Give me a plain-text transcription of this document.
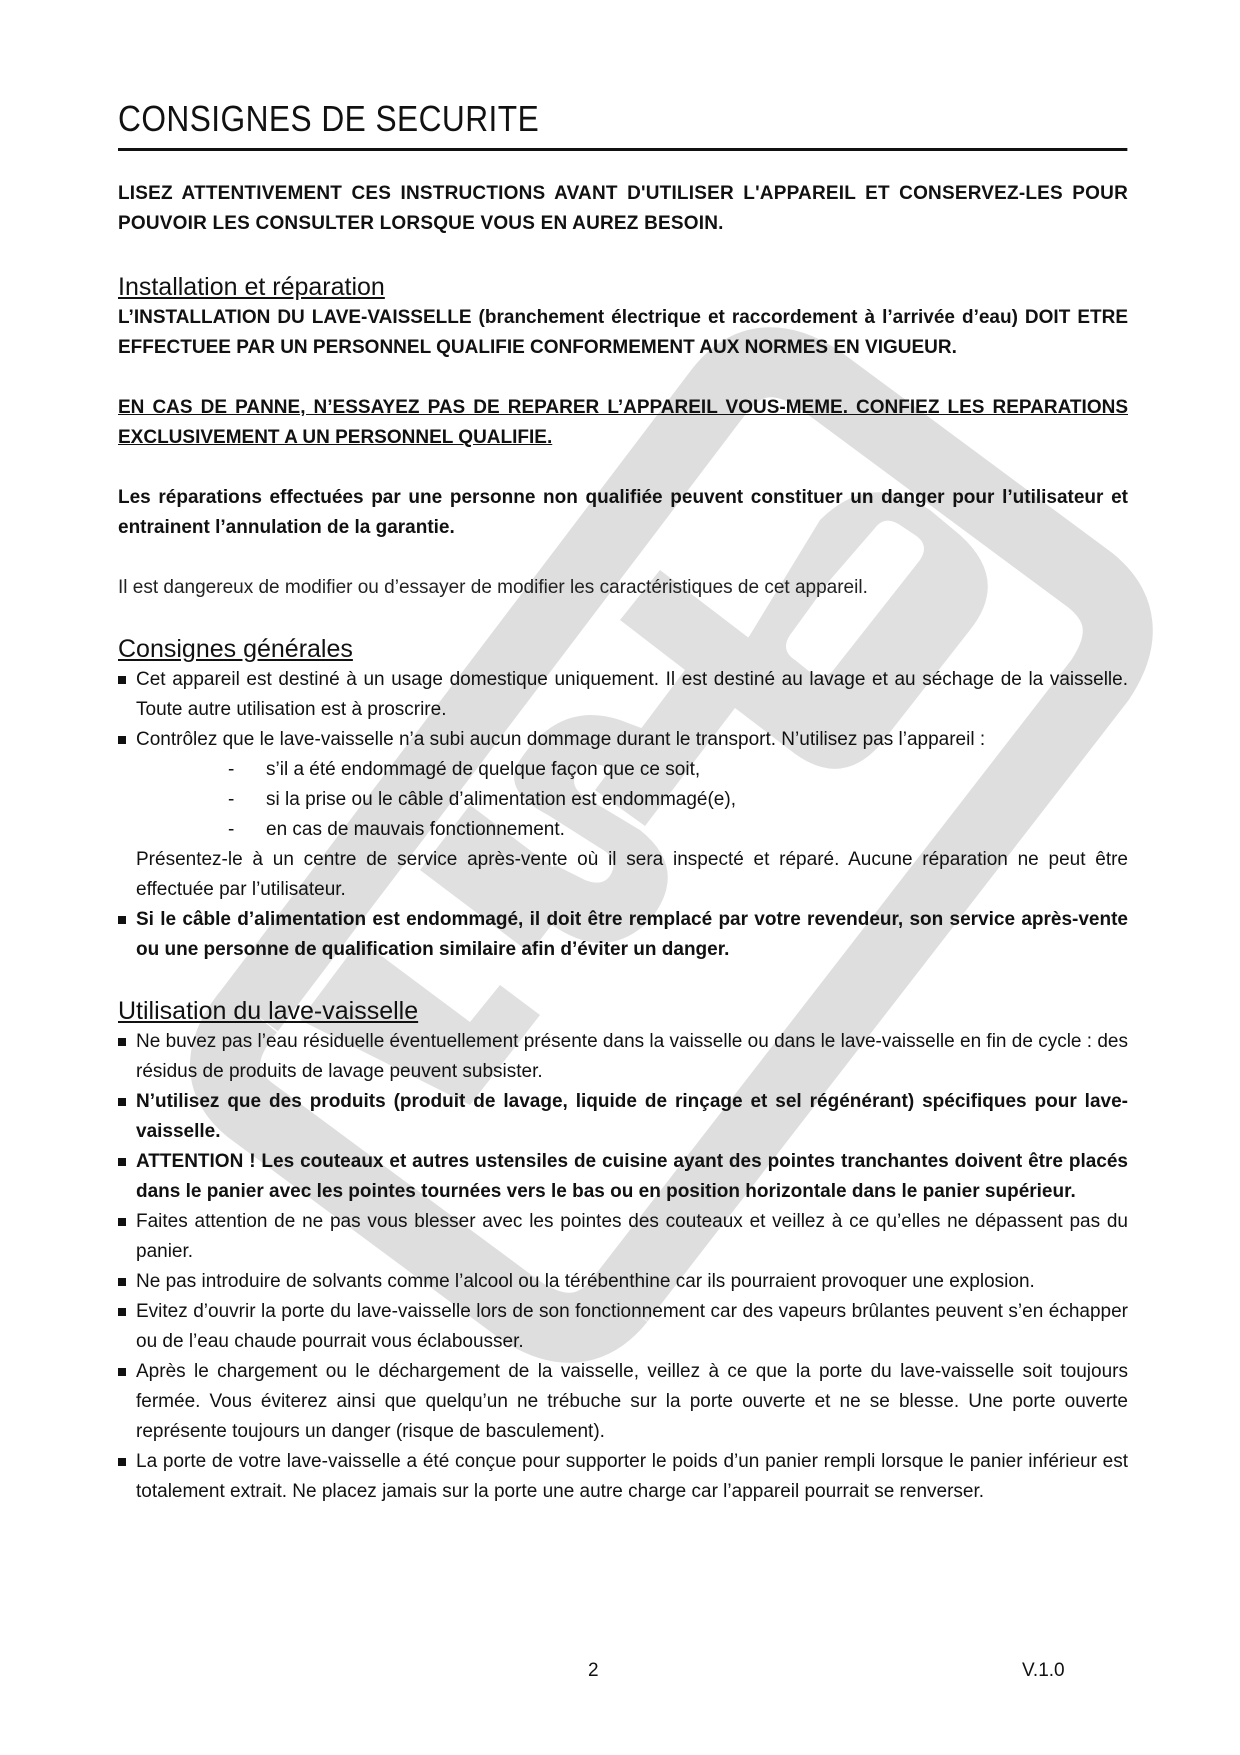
CONSIGNES DE SECURITE

LISEZ ATTENTIVEMENT CES INSTRUCTIONS AVANT D'UTILISER L'APPAREIL ET CONSERVEZ-LES POUR POUVOIR LES CONSULTER LORSQUE VOUS EN AUREZ BESOIN.

Installation et réparation

L’INSTALLATION DU LAVE-VAISSELLE (branchement électrique et raccordement à l’arrivée d’eau) DOIT ETRE EFFECTUEE PAR UN PERSONNEL QUALIFIE CONFORMEMENT AUX NORMES EN VIGUEUR.

EN CAS DE PANNE, N’ESSAYEZ PAS DE REPARER L’APPAREIL VOUS-MEME. CONFIEZ LES REPARATIONS EXCLUSIVEMENT A UN PERSONNEL QUALIFIE.

Les réparations effectuées par une personne non qualifiée peuvent constituer un danger pour l’utilisateur et entrainent l’annulation de la garantie.

Il est dangereux de modifier ou d’essayer de modifier les caractéristiques de cet appareil.

Consignes générales
Cet appareil est destiné à un usage domestique uniquement. Il est destiné au lavage et au séchage de la vaisselle. Toute autre utilisation est à proscrire.
Contrôlez que le lave-vaisselle n’a subi aucun dommage durant le transport. N’utilisez pas l’appareil :
- s’il a été endommagé de quelque façon que ce soit,
- si la prise ou le câble d’alimentation est endommagé(e),
- en cas de mauvais fonctionnement.
Présentez-le à un centre de service après-vente où il sera inspecté et réparé. Aucune réparation ne peut être effectuée par l’utilisateur.
Si le câble d’alimentation est endommagé, il doit être remplacé par votre revendeur, son service après-vente ou une personne de qualification similaire afin d’éviter un danger.
Utilisation du lave-vaisselle
Ne buvez pas l’eau résiduelle éventuellement présente dans la vaisselle ou dans le lave-vaisselle en fin de cycle : des résidus de produits de lavage peuvent subsister.
N’utilisez que des produits (produit de lavage, liquide de rinçage et sel régénérant) spécifiques pour lave-vaisselle.
ATTENTION ! Les couteaux et autres ustensiles de cuisine ayant des pointes tranchantes doivent être placés dans le panier avec les pointes tournées vers le bas ou en position horizontale dans le panier supérieur.
Faites attention de ne pas vous blesser avec les pointes des couteaux et veillez à ce qu’elles ne dépassent pas du panier.
Ne pas introduire de solvants comme l’alcool ou la térébenthine car ils pourraient provoquer une explosion.
Evitez d’ouvrir la porte du lave-vaisselle lors de son fonctionnement car des vapeurs brûlantes peuvent s’en échapper ou de l’eau chaude pourrait vous éclabousser.
Après le chargement ou le déchargement de la vaisselle, veillez à ce que la porte du lave-vaisselle soit toujours fermée. Vous éviterez ainsi que quelqu’un ne trébuche sur la porte ouverte et ne se blesse. Une porte ouverte représente toujours un danger (risque de basculement).
La porte de votre lave-vaisselle a été conçue pour supporter le poids d’un panier rempli lorsque le panier inférieur est totalement extrait. Ne placez jamais sur la porte une autre charge car l’appareil pourrait se renverser.
2	V.1.0
